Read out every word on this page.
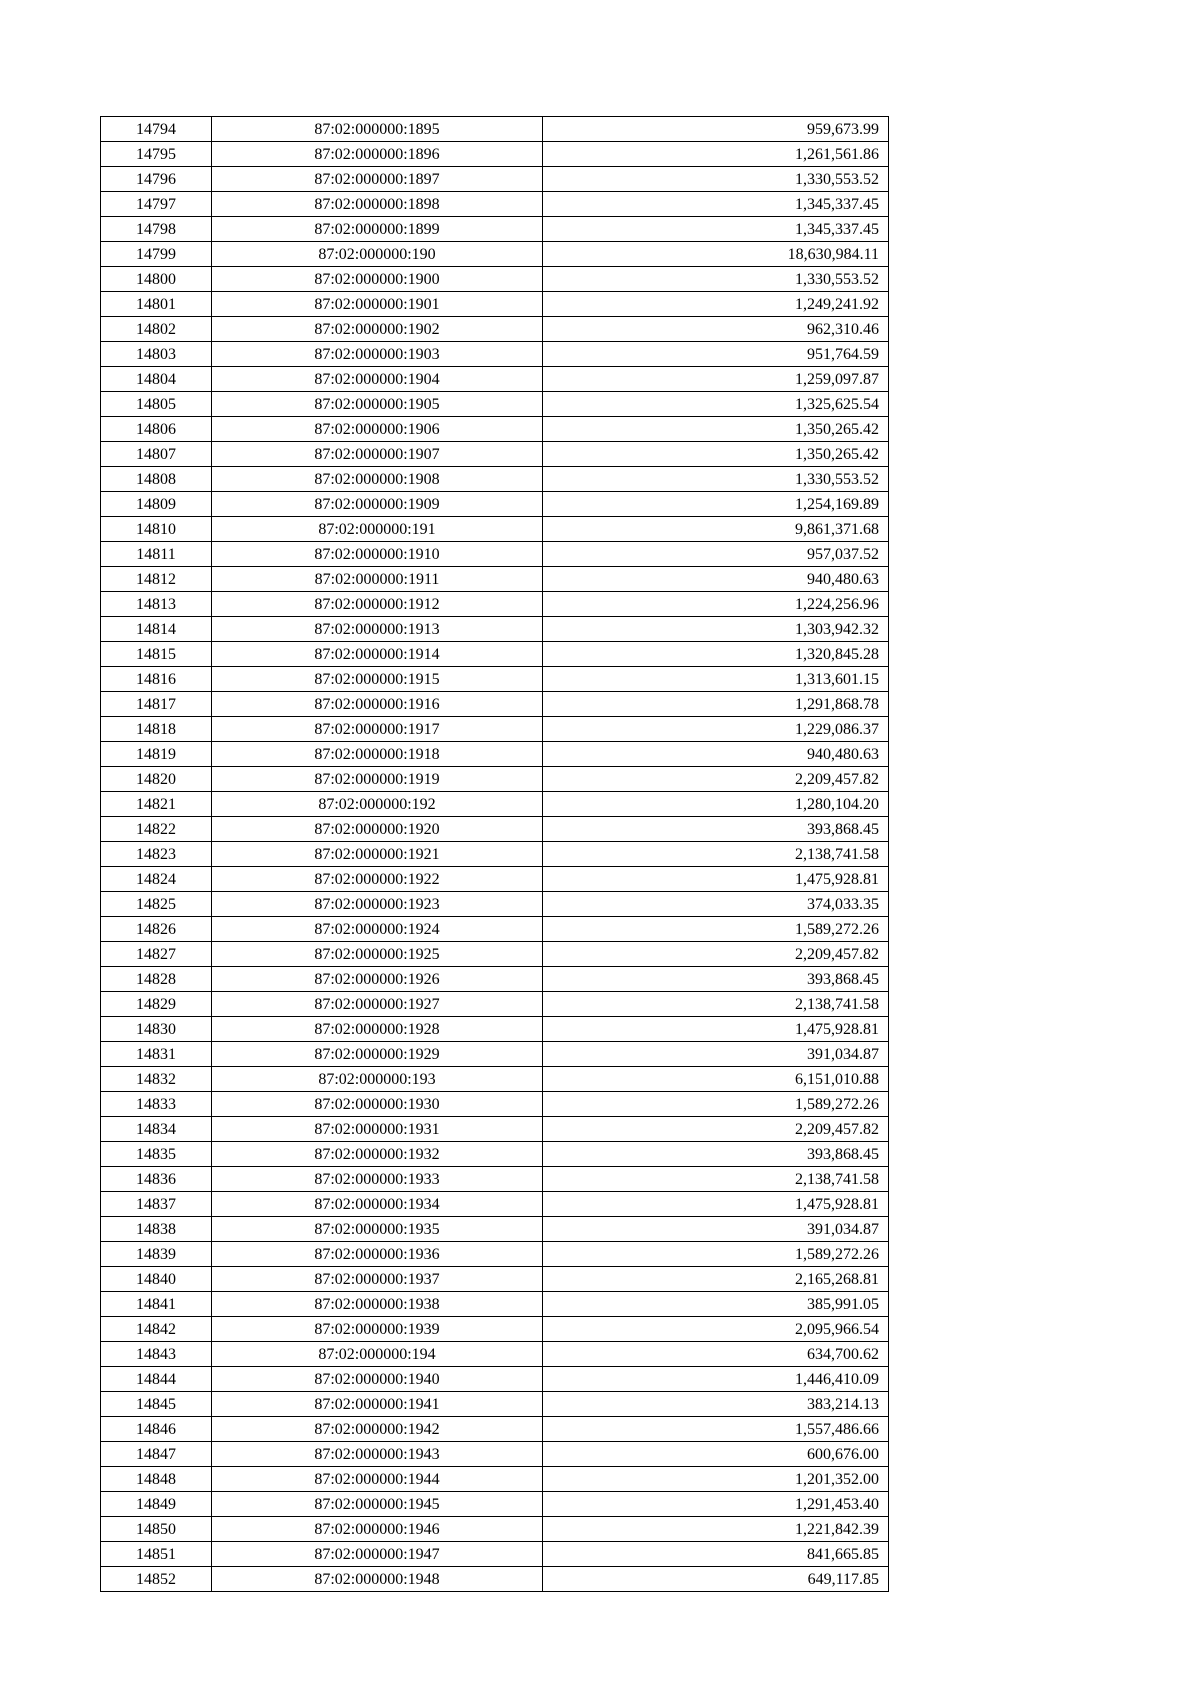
14794	87:02:000000:1895	959,673.99
14795	87:02:000000:1896	1,261,561.86
14796	87:02:000000:1897	1,330,553.52
14797	87:02:000000:1898	1,345,337.45
14798	87:02:000000:1899	1,345,337.45
14799	87:02:000000:190	18,630,984.11
14800	87:02:000000:1900	1,330,553.52
14801	87:02:000000:1901	1,249,241.92
14802	87:02:000000:1902	962,310.46
14803	87:02:000000:1903	951,764.59
14804	87:02:000000:1904	1,259,097.87
14805	87:02:000000:1905	1,325,625.54
14806	87:02:000000:1906	1,350,265.42
14807	87:02:000000:1907	1,350,265.42
14808	87:02:000000:1908	1,330,553.52
14809	87:02:000000:1909	1,254,169.89
14810	87:02:000000:191	9,861,371.68
14811	87:02:000000:1910	957,037.52
14812	87:02:000000:1911	940,480.63
14813	87:02:000000:1912	1,224,256.96
14814	87:02:000000:1913	1,303,942.32
14815	87:02:000000:1914	1,320,845.28
14816	87:02:000000:1915	1,313,601.15
14817	87:02:000000:1916	1,291,868.78
14818	87:02:000000:1917	1,229,086.37
14819	87:02:000000:1918	940,480.63
14820	87:02:000000:1919	2,209,457.82
14821	87:02:000000:192	1,280,104.20
14822	87:02:000000:1920	393,868.45
14823	87:02:000000:1921	2,138,741.58
14824	87:02:000000:1922	1,475,928.81
14825	87:02:000000:1923	374,033.35
14826	87:02:000000:1924	1,589,272.26
14827	87:02:000000:1925	2,209,457.82
14828	87:02:000000:1926	393,868.45
14829	87:02:000000:1927	2,138,741.58
14830	87:02:000000:1928	1,475,928.81
14831	87:02:000000:1929	391,034.87
14832	87:02:000000:193	6,151,010.88
14833	87:02:000000:1930	1,589,272.26
14834	87:02:000000:1931	2,209,457.82
14835	87:02:000000:1932	393,868.45
14836	87:02:000000:1933	2,138,741.58
14837	87:02:000000:1934	1,475,928.81
14838	87:02:000000:1935	391,034.87
14839	87:02:000000:1936	1,589,272.26
14840	87:02:000000:1937	2,165,268.81
14841	87:02:000000:1938	385,991.05
14842	87:02:000000:1939	2,095,966.54
14843	87:02:000000:194	634,700.62
14844	87:02:000000:1940	1,446,410.09
14845	87:02:000000:1941	383,214.13
14846	87:02:000000:1942	1,557,486.66
14847	87:02:000000:1943	600,676.00
14848	87:02:000000:1944	1,201,352.00
14849	87:02:000000:1945	1,291,453.40
14850	87:02:000000:1946	1,221,842.39
14851	87:02:000000:1947	841,665.85
14852	87:02:000000:1948	649,117.85
